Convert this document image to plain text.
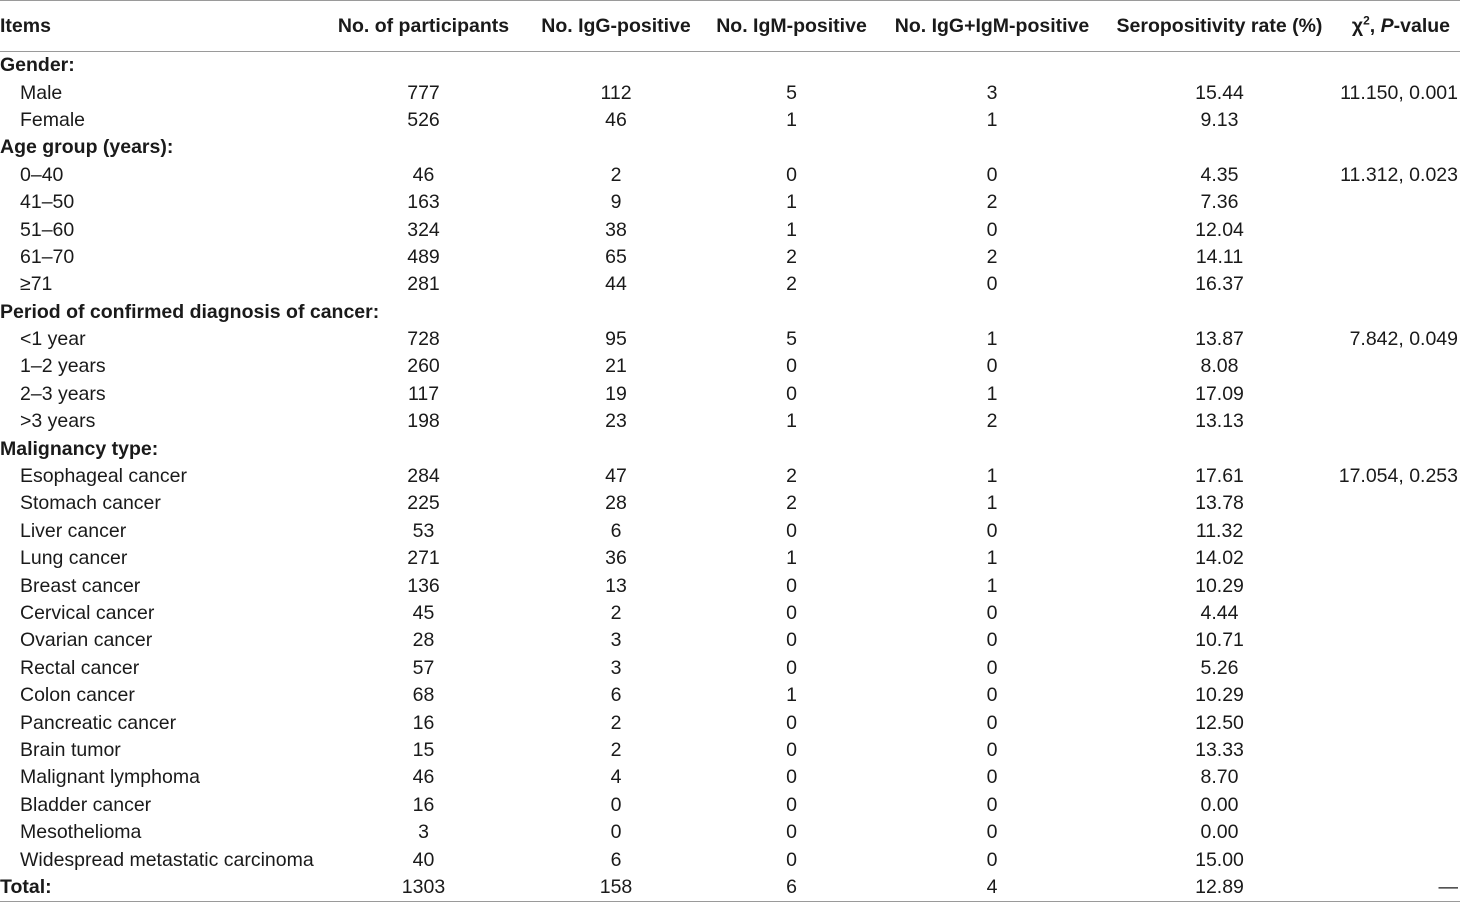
Items	No. of participants	No. IgG-positive	No. IgM-positive	No. IgG+IgM-positive	Seropositivity rate (%)	$\chi^2$, P-value
Gender:						
Male	777	112	5	3	15.44	11.150, 0.001
Female	526	46	1	1	9.13	
Age group (years):						
0–40	46	2	0	0	4.35	11.312, 0.023
41–50	163	9	1	2	7.36	
51–60	324	38	1	0	12.04	
61–70	489	65	2	2	14.11	
≥71	281	44	2	0	16.37	
Period of confirmed diagnosis of cancer:						
<1 year	728	95	5	1	13.87	7.842, 0.049
1–2 years	260	21	0	0	8.08	
2–3 years	117	19	0	1	17.09	
>3 years	198	23	1	2	13.13	
Malignancy type:						
Esophageal cancer	284	47	2	1	17.61	17.054, 0.253
Stomach cancer	225	28	2	1	13.78	
Liver cancer	53	6	0	0	11.32	
Lung cancer	271	36	1	1	14.02	
Breast cancer	136	13	0	1	10.29	
Cervical cancer	45	2	0	0	4.44	
Ovarian cancer	28	3	0	0	10.71	
Rectal cancer	57	3	0	0	5.26	
Colon cancer	68	6	1	0	10.29	
Pancreatic cancer	16	2	0	0	12.50	
Brain tumor	15	2	0	0	13.33	
Malignant lymphoma	46	4	0	0	8.70	
Bladder cancer	16	0	0	0	0.00	
Mesothelioma	3	0	0	0	0.00	
Widespread metastatic carcinoma	40	6	0	0	15.00	
Total:	1303	158	6	4	12.89	—
